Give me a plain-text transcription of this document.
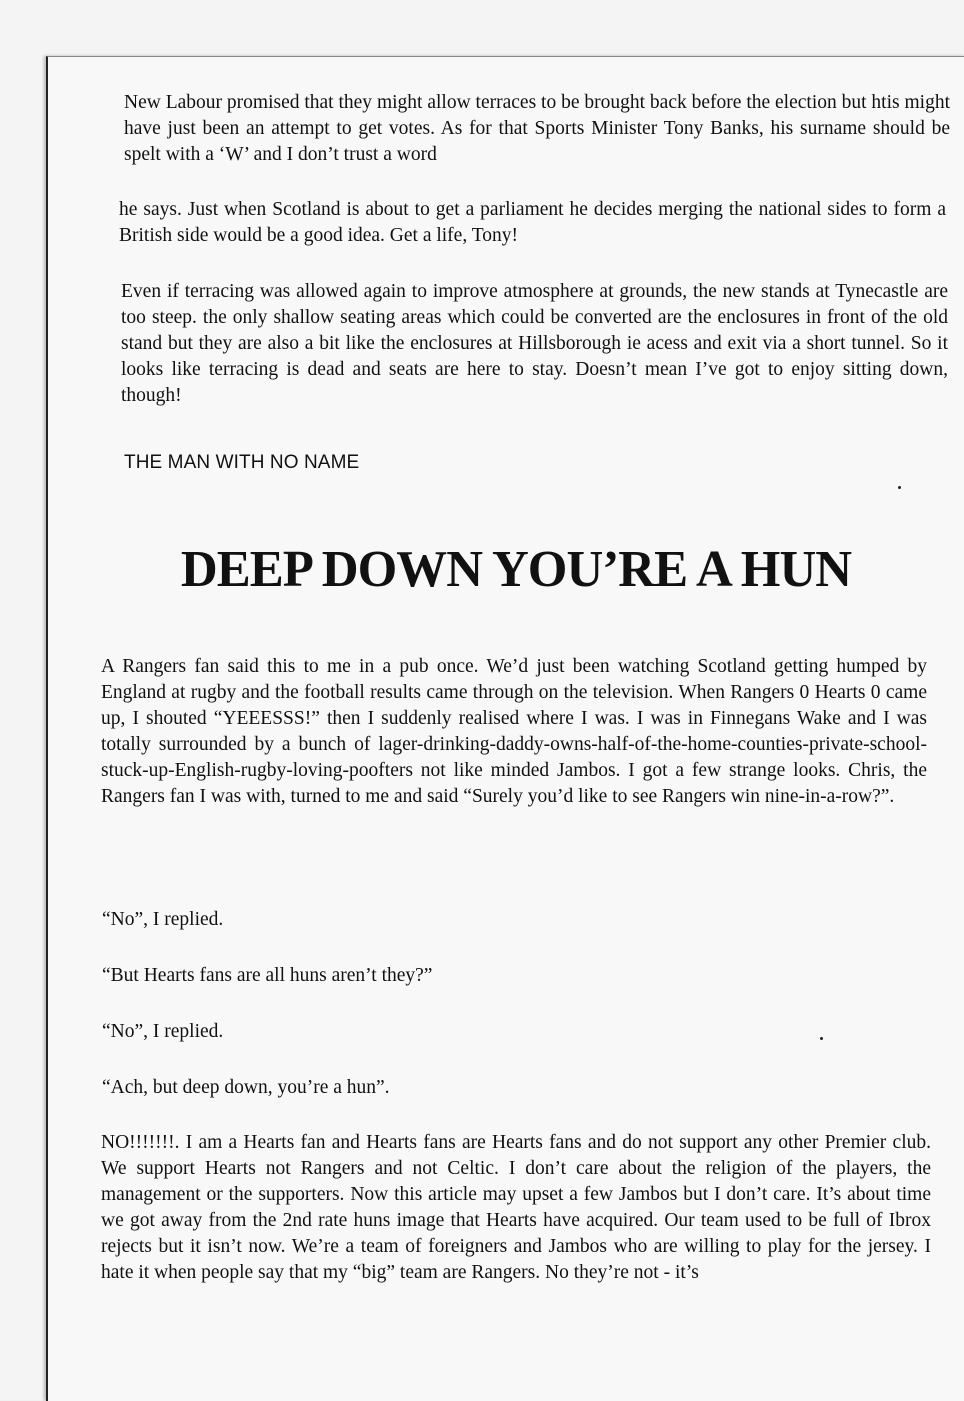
New Labour promised that they might allow terraces to be brought back before the election but htis might have just been an attempt to get votes. As for that Sports Minister Tony Banks, his surname should be spelt with a ‘W’ and I don’t trust a word

he says. Just when Scotland is about to get a parliament he decides merging the national sides to form a British side would be a good idea. Get a life, Tony!

Even if terracing was allowed again to improve atmosphere at grounds, the new stands at Tynecastle are too steep. the only shallow seating areas which could be converted are the enclosures in front of the old stand but they are also a bit like the enclosures at Hillsborough ie acess and exit via a short tunnel. So it looks like terracing is dead and seats are here to stay. Doesn’t mean I’ve got to enjoy sitting down, though!

THE MAN WITH NO NAME
DEEP DOWN YOU’RE A HUN

A Rangers fan said this to me in a pub once. We’d just been watching Scotland getting humped by England at rugby and the football results came through on the television. When Rangers 0 Hearts 0 came up, I shouted “YEEESSS!” then I suddenly realised where I was. I was in Finnegans Wake and I was totally surrounded by a bunch of lager-drinking-daddy-owns-half-of-the-home-counties-private-school-stuck-up-English-rugby-loving-poofters not like minded Jambos. I got a few strange looks. Chris, the Rangers fan I was with, turned to me and said “Surely you’d like to see Rangers win nine-in-a-row?”.

“No”, I replied.

“But Hearts fans are all huns aren’t they?”

“No”, I replied.

“Ach, but deep down, you’re a hun”.

NO!!!!!!!. I am a Hearts fan and Hearts fans are Hearts fans and do not support any other Premier club. We support Hearts not Rangers and not Celtic. I don’t care about the religion of the players, the management or the supporters. Now this article may upset a few Jambos but I don’t care. It’s about time we got away from the 2nd rate huns image that Hearts have acquired. Our team used to be full of Ibrox rejects but it isn’t now. We’re a team of foreigners and Jambos who are willing to play for the jersey. I hate it when people say that my “big” team are Rangers. No they’re not - it’s
